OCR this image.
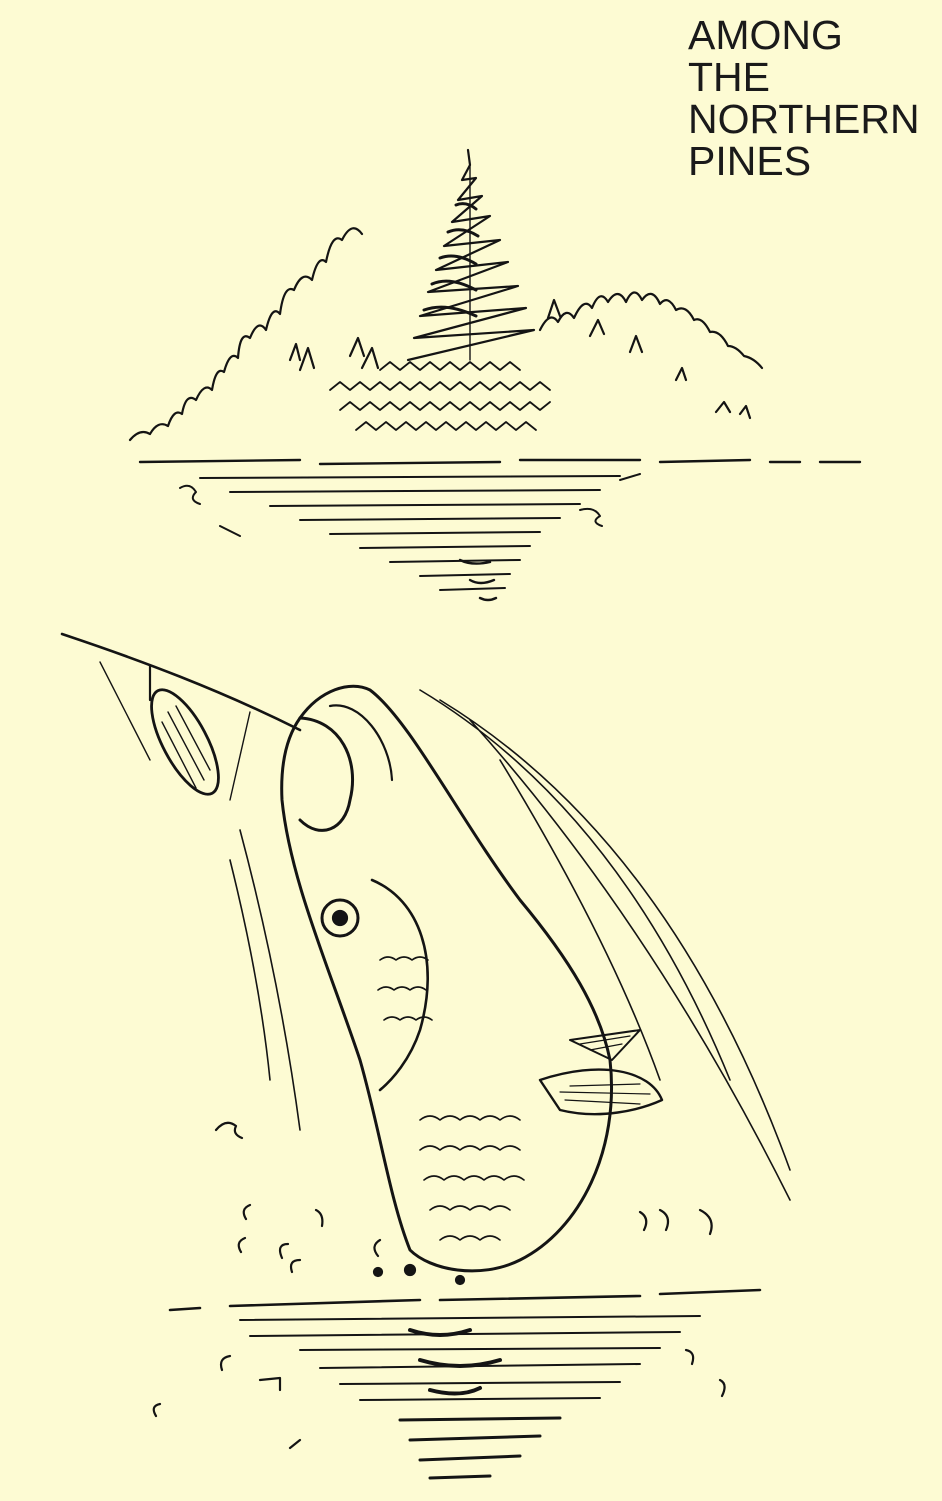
AMONG
THE
NORTHERN
PINES
